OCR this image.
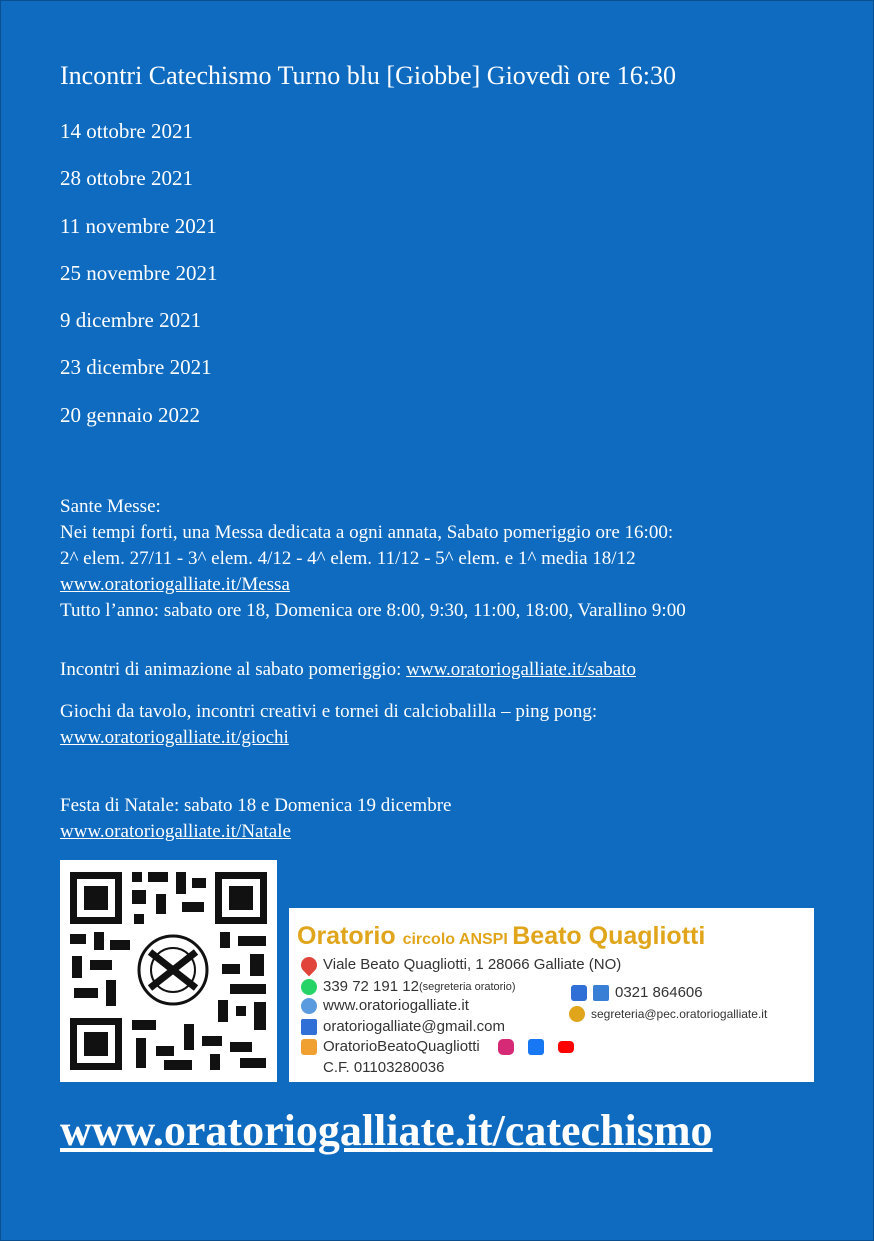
Incontri Catechismo Turno blu [Giobbe] Giovedì ore 16:30
14 ottobre 2021
28 ottobre 2021
11 novembre 2021
25 novembre 2021
9 dicembre 2021
23 dicembre 2021
20 gennaio 2022
Sante Messe:
Nei tempi forti, una Messa dedicata a ogni annata, Sabato pomeriggio ore 16:00:
2^ elem. 27/11 - 3^ elem. 4/12 - 4^ elem. 11/12 - 5^ elem. e 1^ media 18/12
www.oratoriogalliate.it/Messa
Tutto l’anno: sabato ore 18, Domenica ore 8:00, 9:30, 11:00, 18:00, Varallino 9:00
Incontri di animazione al sabato pomeriggio: www.oratoriogalliate.it/sabato
Giochi da tavolo, incontri creativi e tornei di calciobalilla – ping pong:
www.oratoriogalliate.it/giochi
Festa di Natale: sabato 18 e Domenica 19 dicembre
www.oratoriogalliate.it/Natale
Oratorio circolo ANSPI Beato Quagliotti
Viale Beato Quagliotti, 1 28066 Galliate (NO)
339 72 191 12 (segreteria oratorio)	0321 864606
www.oratoriogalliate.it
oratoriogalliate@gmail.com
segreteria@pec.oratoriogalliate.it
OratorioBeatoQuagliotti
C.F. 01103280036
www.oratoriogalliate.it/catechismo
